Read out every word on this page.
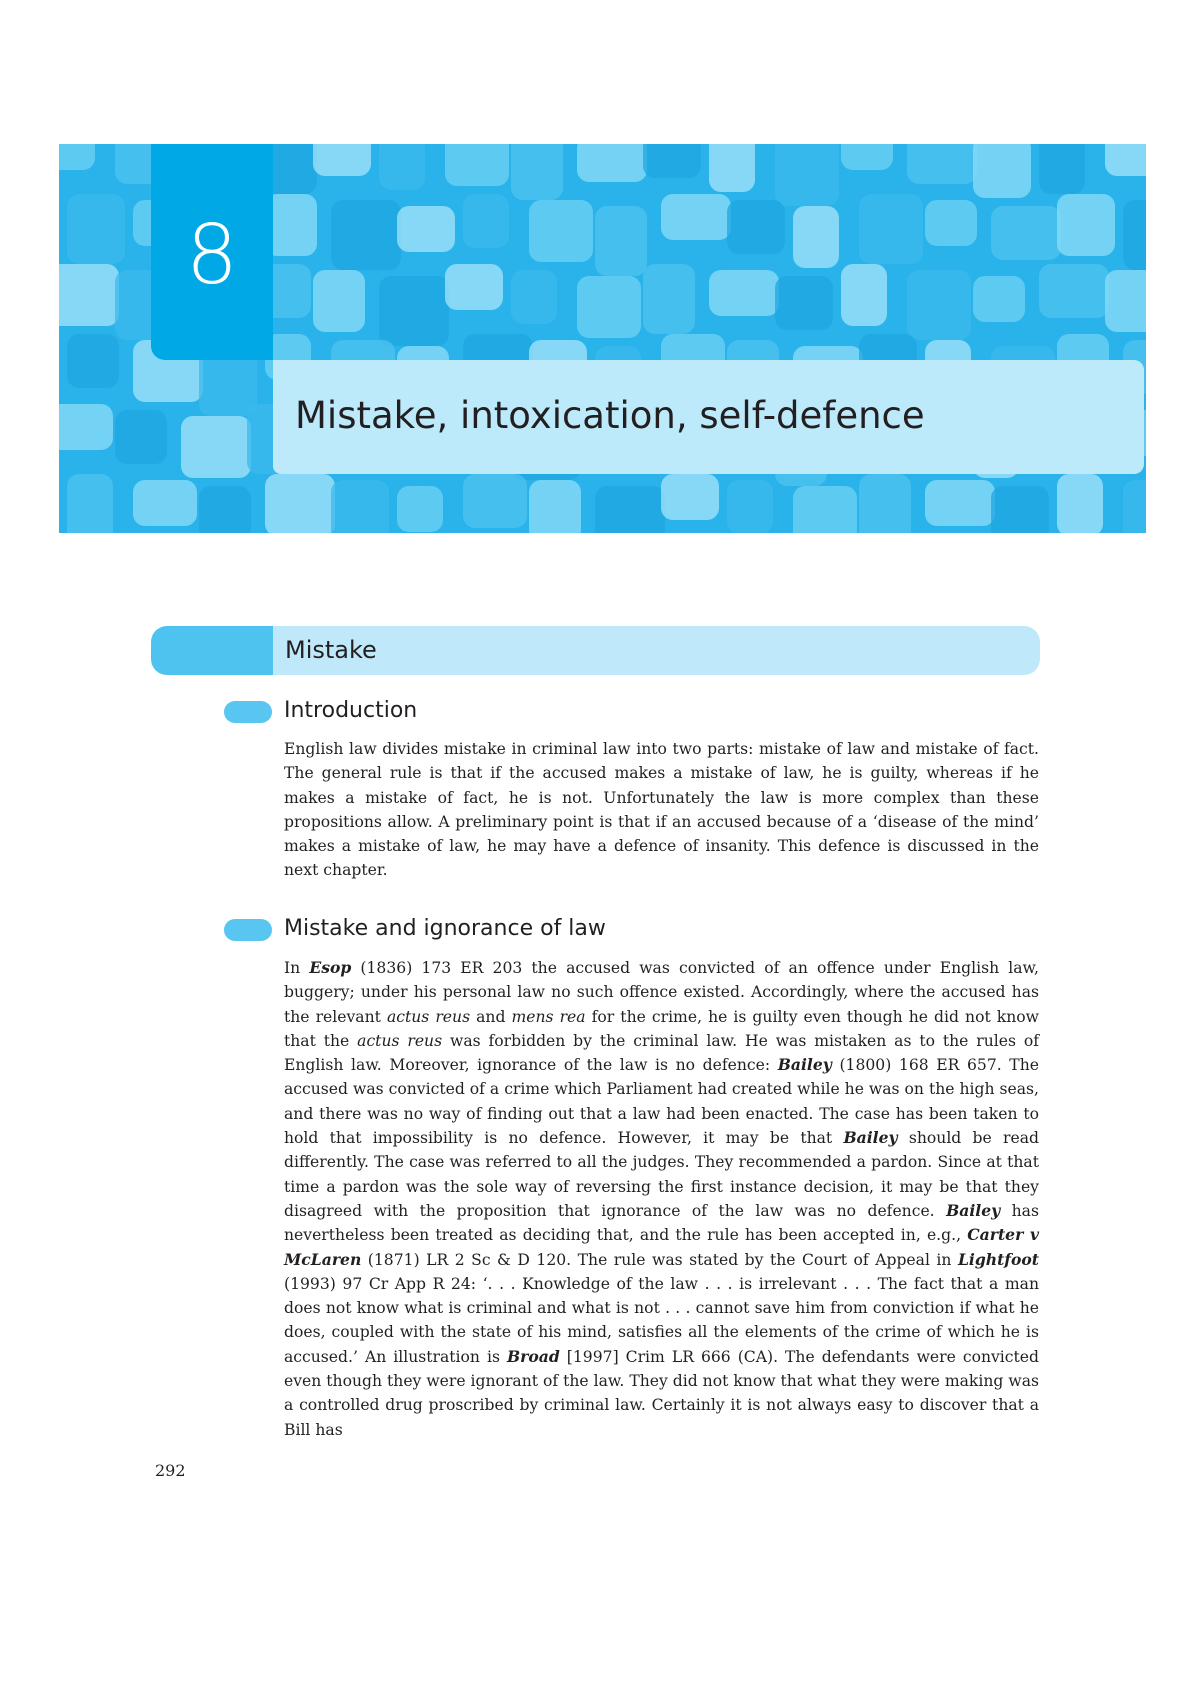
8
Mistake, intoxication, self-defence
Mistake
Introduction

English law divides mistake in criminal law into two parts: mistake of law and mistake of fact. The general rule is that if the accused makes a mistake of law, he is guilty, whereas if he makes a mistake of fact, he is not. Unfortunately the law is more complex than these propositions allow. A preliminary point is that if an accused because of a ‘disease of the mind’ makes a mistake of law, he may have a defence of insanity. This defence is discussed in the next chapter.

Mistake and ignorance of law

In Esop (1836) 173 ER 203 the accused was convicted of an offence under English law, buggery; under his personal law no such offence existed. Accordingly, where the accused has the relevant actus reus and mens rea for the crime, he is guilty even though he did not know that the actus reus was forbidden by the criminal law. He was mistaken as to the rules of English law. Moreover, ignorance of the law is no defence: Bailey (1800) 168 ER 657. The accused was convicted of a crime which Parliament had created while he was on the high seas, and there was no way of finding out that a law had been enacted. The case has been taken to hold that impossibility is no defence. However, it may be that Bailey should be read differently. The case was referred to all the judges. They recommended a pardon. Since at that time a pardon was the sole way of reversing the first instance decision, it may be that they disagreed with the proposition that ignorance of the law was no defence. Bailey has nevertheless been treated as deciding that, and the rule has been accepted in, e.g., Carter v McLaren (1871) LR 2 Sc & D 120. The rule was stated by the Court of Appeal in Lightfoot (1993) 97 Cr App R 24: ‘. . . Knowledge of the law . . . is irrelevant . . . The fact that a man does not know what is criminal and what is not . . . cannot save him from conviction if what he does, coupled with the state of his mind, satisfies all the elements of the crime of which he is accused.’ An illustration is Broad [1997] Crim LR 666 (CA). The defendants were convicted even though they were ignorant of the law. They did not know that what they were making was a controlled drug proscribed by criminal law. Certainly it is not always easy to discover that a Bill has

292
